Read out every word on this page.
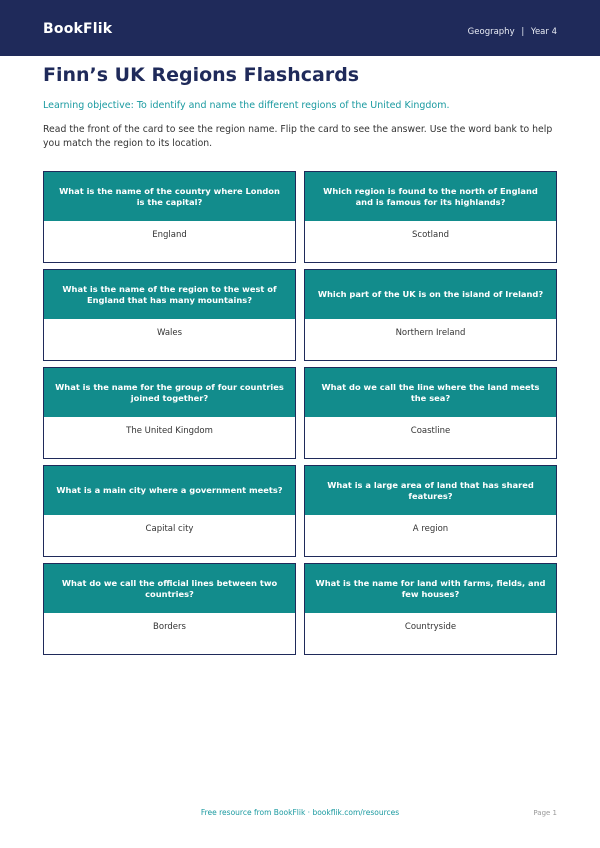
BookFlik	Geography | Year 4
Finn’s UK Regions Flashcards
Learning objective: To identify and name the different regions of the United Kingdom.
Read the front of the card to see the region name. Flip the card to see the answer. Use the word bank to help you match the region to its location.
What is the name of the country where London is the capital?
England
Which region is found to the north of England and is famous for its highlands?
Scotland
What is the name of the region to the west of England that has many mountains?
Wales
Which part of the UK is on the island of Ireland?
Northern Ireland
What is the name for the group of four countries joined together?
The United Kingdom
What do we call the line where the land meets the sea?
Coastline
What is a main city where a government meets?
Capital city
What is a large area of land that has shared features?
A region
What do we call the official lines between two countries?
Borders
What is the name for land with farms, fields, and few houses?
Countryside
Free resource from BookFlik · bookflik.com/resources	Page 1
